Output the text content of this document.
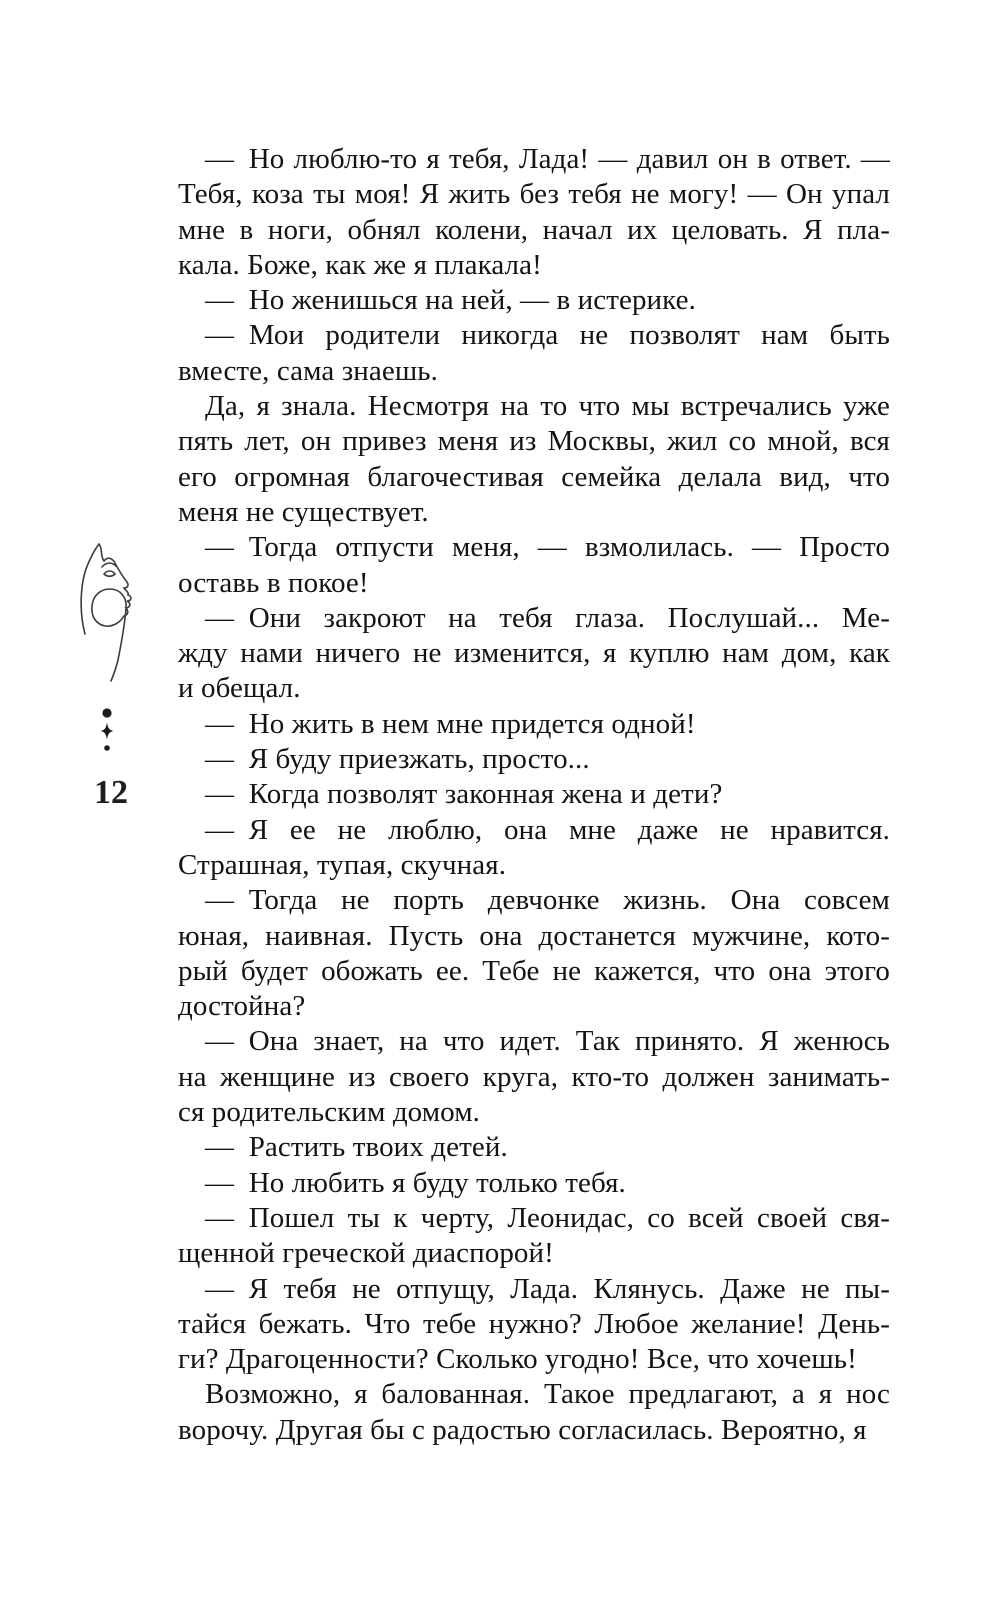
12
— Но люблю-то я тебя, Лада! — давил он в ответ. —
Тебя, коза ты моя! Я жить без тебя не могу! — Он упал
мне в ноги, обнял колени, начал их целовать. Я пла-
кала. Боже, как же я плакала!
— Но женишься на ней, — в истерике.
— Мои родители никогда не позволят нам быть
вместе, сама знаешь.
Да, я знала. Несмотря на то что мы встречались уже
пять лет, он привез меня из Москвы, жил со мной, вся
его огромная благочестивая семейка делала вид, что
меня не существует.
— Тогда отпусти меня, — взмолилась. — Просто
оставь в покое!
— Они закроют на тебя глаза. Послушай... Ме-
жду нами ничего не изменится, я куплю нам дом, как
и обещал.
— Но жить в нем мне придется одной!
— Я буду приезжать, просто...
— Когда позволят законная жена и дети?
— Я ее не люблю, она мне даже не нравится.
Страшная, тупая, скучная.
— Тогда не порть девчонке жизнь. Она совсем
юная, наивная. Пусть она достанется мужчине, кото-
рый будет обожать ее. Тебе не кажется, что она этого
достойна?
— Она знает, на что идет. Так принято. Я женюсь
на женщине из своего круга, кто-то должен занимать-
ся родительским домом.
— Растить твоих детей.
— Но любить я буду только тебя.
— Пошел ты к черту, Леонидас, со всей своей свя-
щенной греческой диаспорой!
— Я тебя не отпущу, Лада. Клянусь. Даже не пы-
тайся бежать. Что тебе нужно? Любое желание! День-
ги? Драгоценности? Сколько угодно! Все, что хочешь!
Возможно, я балованная. Такое предлагают, а я нос
ворочу. Другая бы с радостью согласилась. Вероятно, я
